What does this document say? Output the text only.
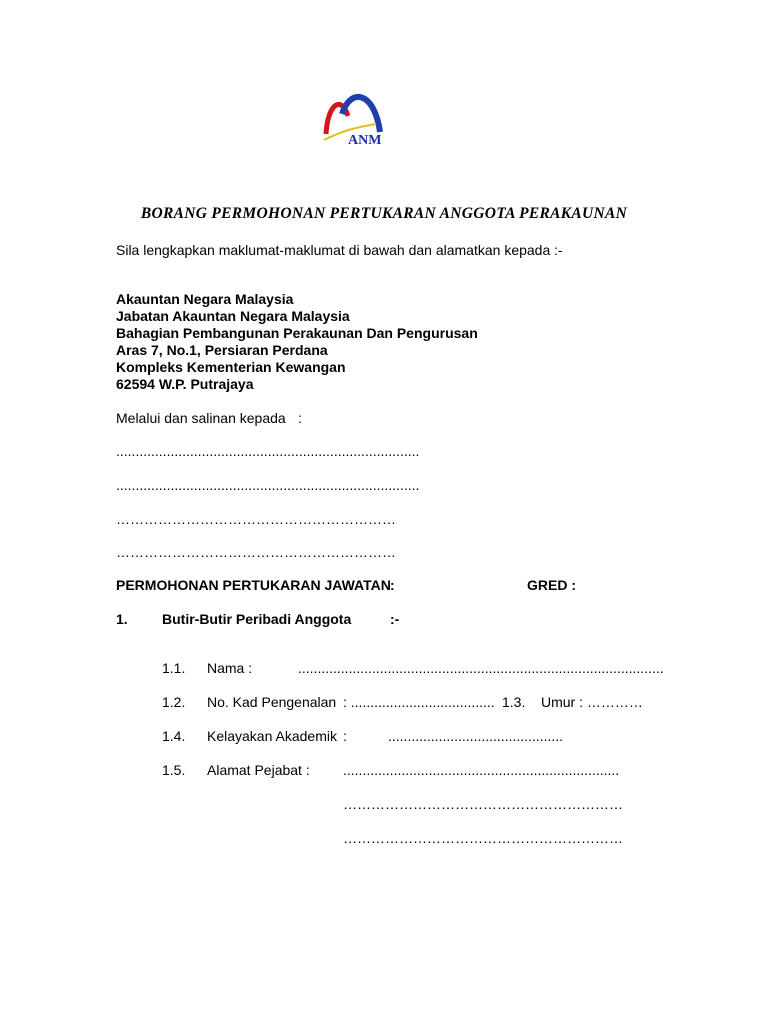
ANM
BORANG PERMOHONAN PERTUKARAN ANGGOTA PERAKAUNAN
Sila lengkapkan maklumat-maklumat di bawah dan alamatkan kepada :-
Akauntan Negara Malaysia
Jabatan Akauntan Negara Malaysia
Bahagian Pembangunan Perakaunan Dan Pengurusan
Aras 7, No.1, Persiaran Perdana
Kompleks Kementerian Kewangan
62594 W.P. Putrajaya
Melalui dan salinan kepada :
..............................................................................
..............................................................................
……………………………………………………
……………………………………………………
PERMOHONAN PERTUKARAN JAWATAN :	GRED :
1. Butir-Butir Peribadi Anggota	:-
1.1. Nama :	..............................................................................................
1.2. No. Kad Pengenalan : ..................................... 1.3. Umur : …………
1.4. Kelayakan Akademik :	.............................................
1.5. Alamat Pejabat : .......................................................................
……………………………………………………
……………………………………………………
